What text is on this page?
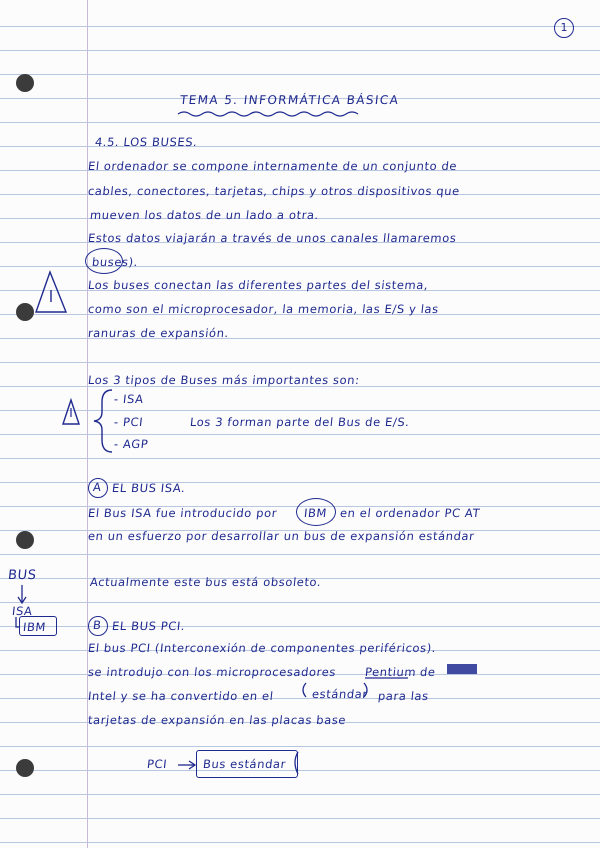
1
TEMA 5. INFORMÁTICA BÁSICA
4.5. LOS BUSES.
El ordenador se compone internamente de un conjunto de
cables, conectores, tarjetas, chips y otros dispositivos que
mueven los datos de un lado a otra.
Estos datos viajarán a través de unos canales llamaremos
buses).
Los buses conectan las diferentes partes del sistema,
como son el microprocesador, la memoria, las E/S y las
ranuras de expansión.
Los 3 tipos de Buses más importantes son:
- ISA
- PCI
- AGP
Los 3 forman parte del Bus de E/S.
A EL BUS ISA.
El Bus ISA fue introducido por IBM en el ordenador PC AT
en un esfuerzo por desarrollar un bus de expansión estándar
Actualmente este bus está obsoleto.
B EL BUS PCI.
El bus PCI (Interconexión de componentes periféricos).
se introdujo con los microprocesadores Pentium de
Intel y se ha convertido en el	estándar para las
tarjetas de expansión en las placas base
PCI	Bus estándar
BUS
ISA
IBM
